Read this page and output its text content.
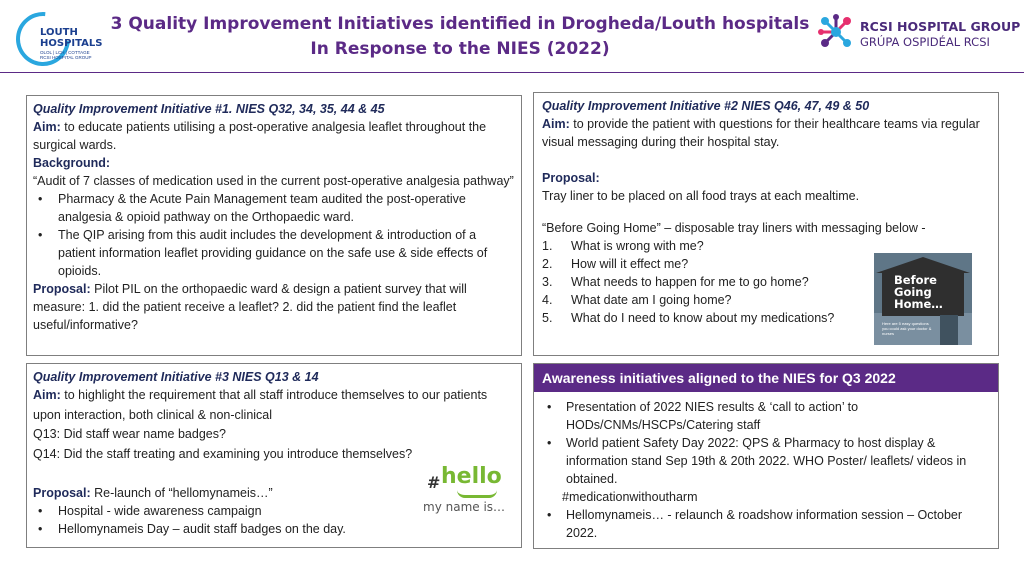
LOUTH
HOSPITALS
OLOL | LCH | COTTAGE
RCSI HOSPITAL GROUP
3 Quality Improvement Initiatives identified in Drogheda/Louth hospitals
In Response to the NIES (2022)
RCSI HOSPITAL GROUP
GRÚPA OSPIDÉAL RCSI
Quality Improvement Initiative #1. NIES Q32, 34, 35, 44 & 45
Aim: to educate patients utilising a post-operative analgesia leaflet throughout the surgical wards.
Background:
“Audit of 7 classes of medication used in the current post-operative analgesia pathway”
• Pharmacy & the Acute Pain Management team audited the post-operative analgesia & opioid pathway on the Orthopaedic ward.
• The QIP arising from this audit includes the development & introduction of a patient information leaflet providing guidance on the safe use & side effects of opioids.
Proposal: Pilot PIL on the orthopaedic ward & design a patient survey that will measure: 1. did the patient receive a leaflet? 2. did the patient find the leaflet useful/informative?
Quality Improvement Initiative #2 NIES Q46, 47, 49 & 50
Aim: to provide the patient with questions for their healthcare teams via regular visual messaging during their hospital stay.
Proposal:
Tray liner to be placed on all food trays at each mealtime.
“Before Going Home” – disposable tray liners with messaging below -
1. What is wrong with me?
2. How will it effect me?
3. What needs to happen for me to go home?
4. What date am I going home?
5. What do I need to know about my medications?
Before
Going
Home…
Here are 5 easy questions you could ask your doctor & nurses
Quality Improvement Initiative #3 NIES Q13 & 14
Aim: to highlight the requirement that all staff introduce themselves to our patients upon interaction, both clinical & non-clinical
Q13: Did staff wear name badges?
Q14: Did the staff treating and examining you introduce themselves?
Proposal: Re-launch of “hellomynameis…”
• Hospital - wide awareness campaign
• Hellomynameis Day – audit staff badges on the day.
# hello
my name is…
Awareness initiatives aligned to the NIES for Q3 2022
• Presentation of 2022 NIES results & ‘call to action’ to HODs/CNMs/HSCPs/Catering staff
• World patient Safety Day 2022: QPS & Pharmacy to host display & information stand Sep 19th & 20th 2022. WHO Poster/ leaflets/ videos in obtained.
#medicationwithoutharm
• Hellomynameis… - relaunch & roadshow information session – October 2022.
